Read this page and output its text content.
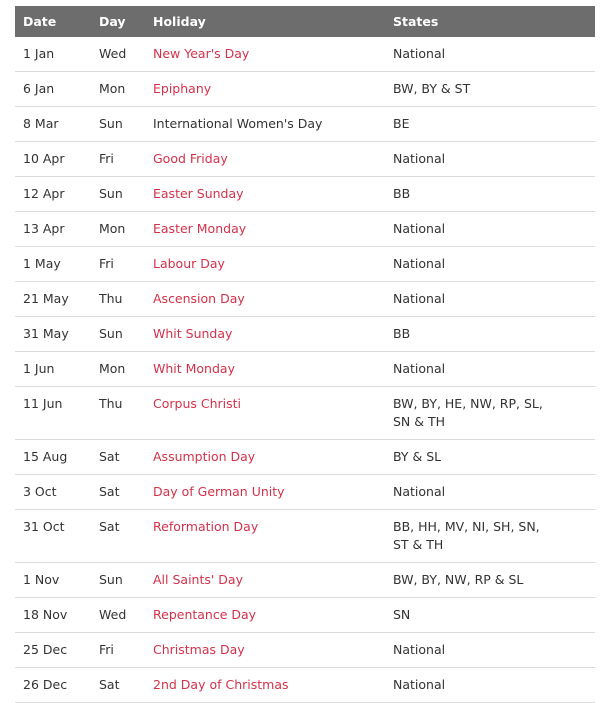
Date	Day	Holiday	States
1 Jan	Wed	New Year's Day	National

6 Jan	Mon	Epiphany	BW, BY & ST

8 Mar	Sun	International Women's Day	BE

10 Apr	Fri	Good Friday	National

12 Apr	Sun	Easter Sunday	BB

13 Apr	Mon	Easter Monday	National

1 May	Fri	Labour Day	National

21 May	Thu	Ascension Day	National

31 May	Sun	Whit Sunday	BB

1 Jun	Mon	Whit Monday	National

11 Jun	Thu	Corpus Christi	BW, BY, HE, NW, RP, SL, SN & TH

15 Aug	Sat	Assumption Day	BY & SL

3 Oct	Sat	Day of German Unity	National

31 Oct	Sat	Reformation Day	BB, HH, MV, NI, SH, SN, ST & TH

1 Nov	Sun	All Saints' Day	BW, BY, NW, RP & SL

18 Nov	Wed	Repentance Day	SN

25 Dec	Fri	Christmas Day	National

26 Dec	Sat	2nd Day of Christmas	National
